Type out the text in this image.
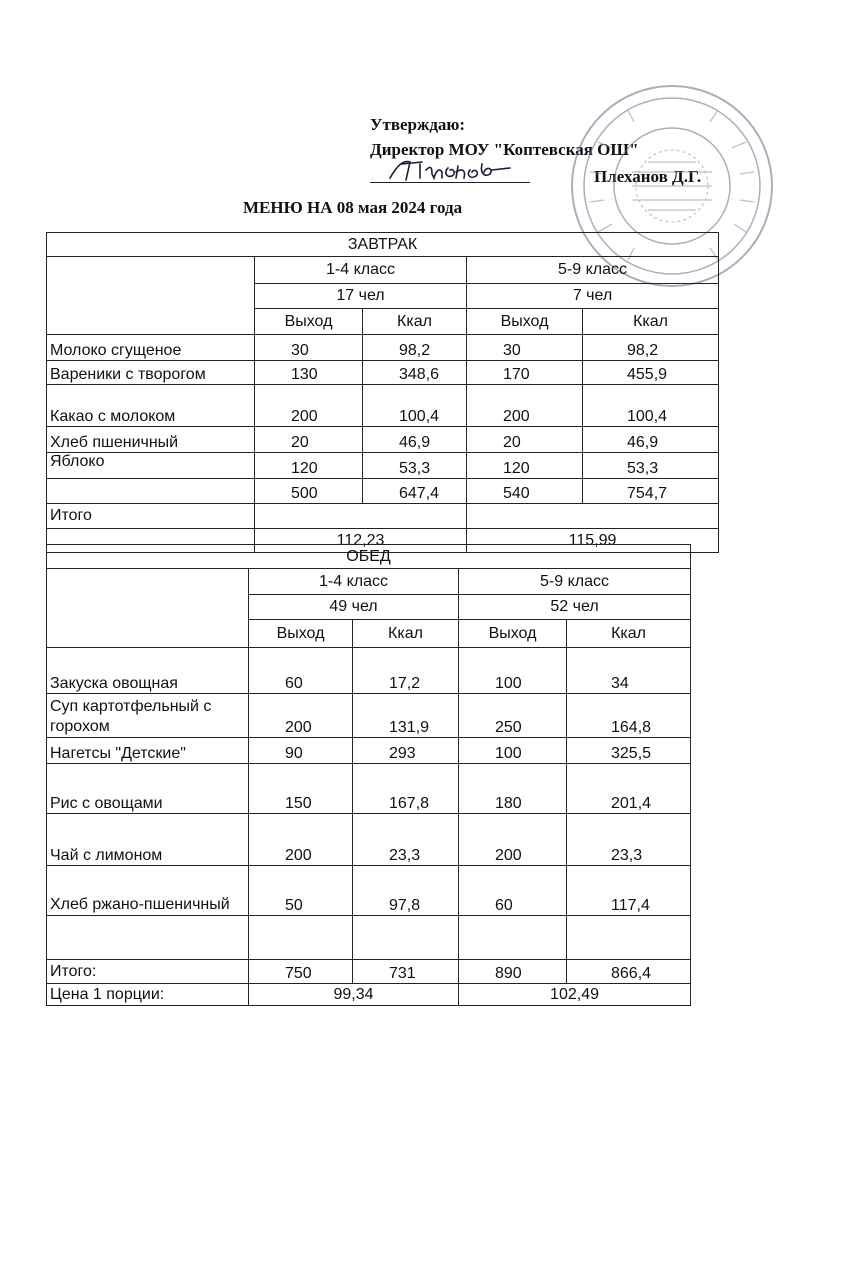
Утверждаю:
Директор МОУ "Коптевская ОШ"
Плеханов Д.Г.
МЕНЮ НА 08 мая 2024 года
ЗАВТРАК				
	1-4 класс		5-9 класс	
	17 чел		7 чел	
	Выход	Ккал	Выход	Ккал
Молоко сгущеное	30	98,2	30	98,2
Вареники с творогом	130	348,6	170	455,9
Какао с молоком	200	100,4	200	100,4
Хлеб пшеничный	20	46,9	20	46,9
Яблоко	120	53,3	120	53,3
	500	647,4	540	754,7
Итого				
	112,23		115,99	
ОБЕД				
	1-4 класс		5-9 класс	
	49 чел		52 чел	
	Выход	Ккал	Выход	Ккал
Закуска овощная	60	17,2	100	34
Суп картотфельный с горохом	200	131,9	250	164,8
Нагетсы "Детские"	90	293	100	325,5
Рис с овощами	150	167,8	180	201,4
Чай с лимоном	200	23,3	200	23,3
Хлеб ржано-пшеничный	50	97,8	60	117,4

Итого:	750	731	890	866,4
Цена 1 порции:	99,34		102,49	
